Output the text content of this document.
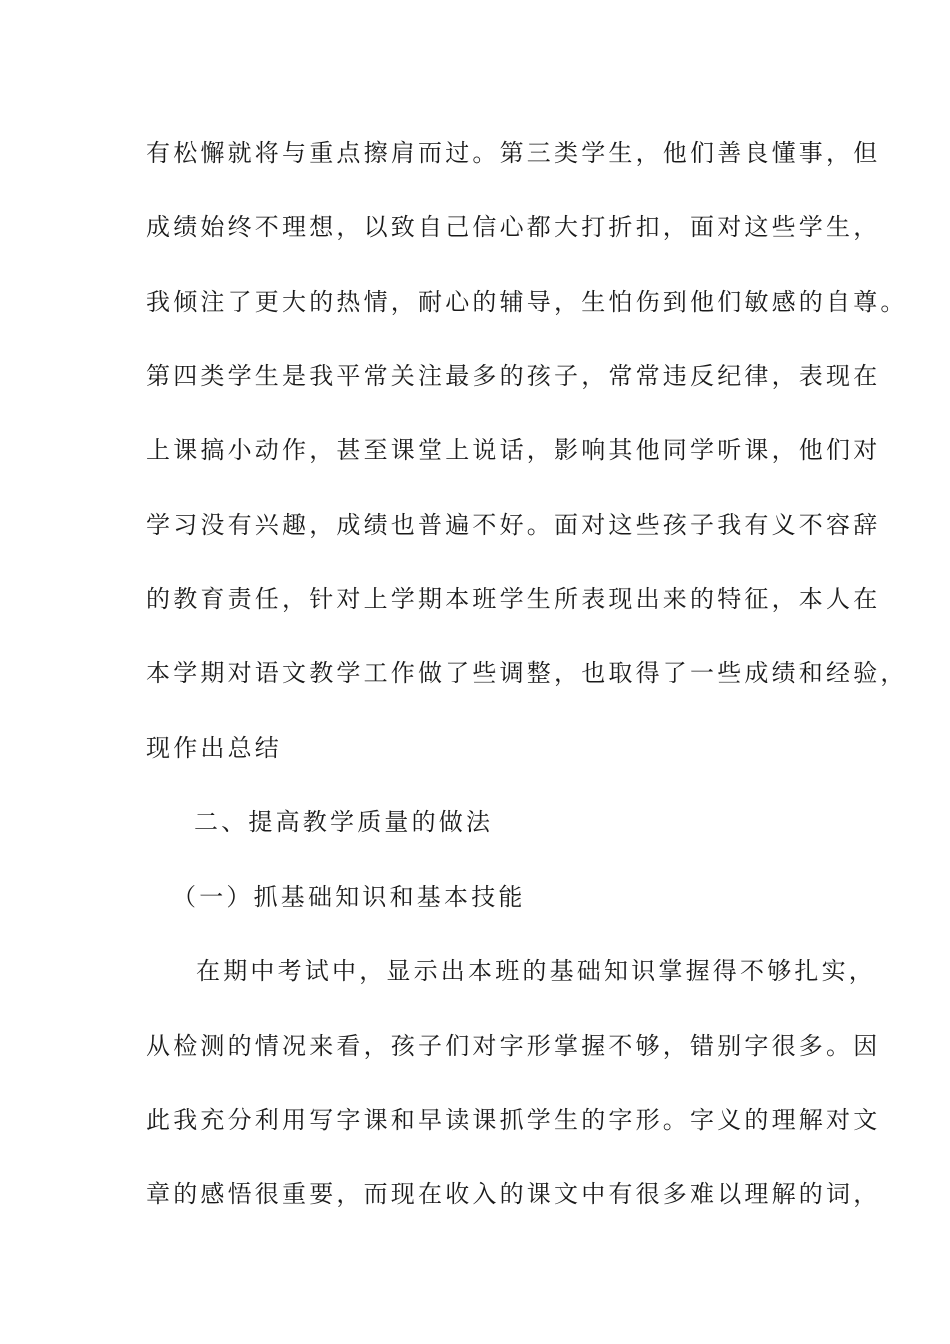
有松懈就将与重点擦肩而过。第三类学生，他们善良懂事，但
成绩始终不理想，以致自己信心都大打折扣，面对这些学生，
我倾注了更大的热情，耐心的辅导，生怕伤到他们敏感的自尊。
第四类学生是我平常关注最多的孩子，常常违反纪律，表现在
上课搞小动作，甚至课堂上说话，影响其他同学听课，他们对
学习没有兴趣，成绩也普遍不好。面对这些孩子我有义不容辞
的教育责任，针对上学期本班学生所表现出来的特征，本人在
本学期对语文教学工作做了些调整，也取得了一些成绩和经验，
现作出总结
二、提高教学质量的做法
（一）抓基础知识和基本技能
在期中考试中，显示出本班的基础知识掌握得不够扎实，
从检测的情况来看，孩子们对字形掌握不够，错别字很多。因
此我充分利用写字课和早读课抓学生的字形。字义的理解对文
章的感悟很重要，而现在收入的课文中有很多难以理解的词，
